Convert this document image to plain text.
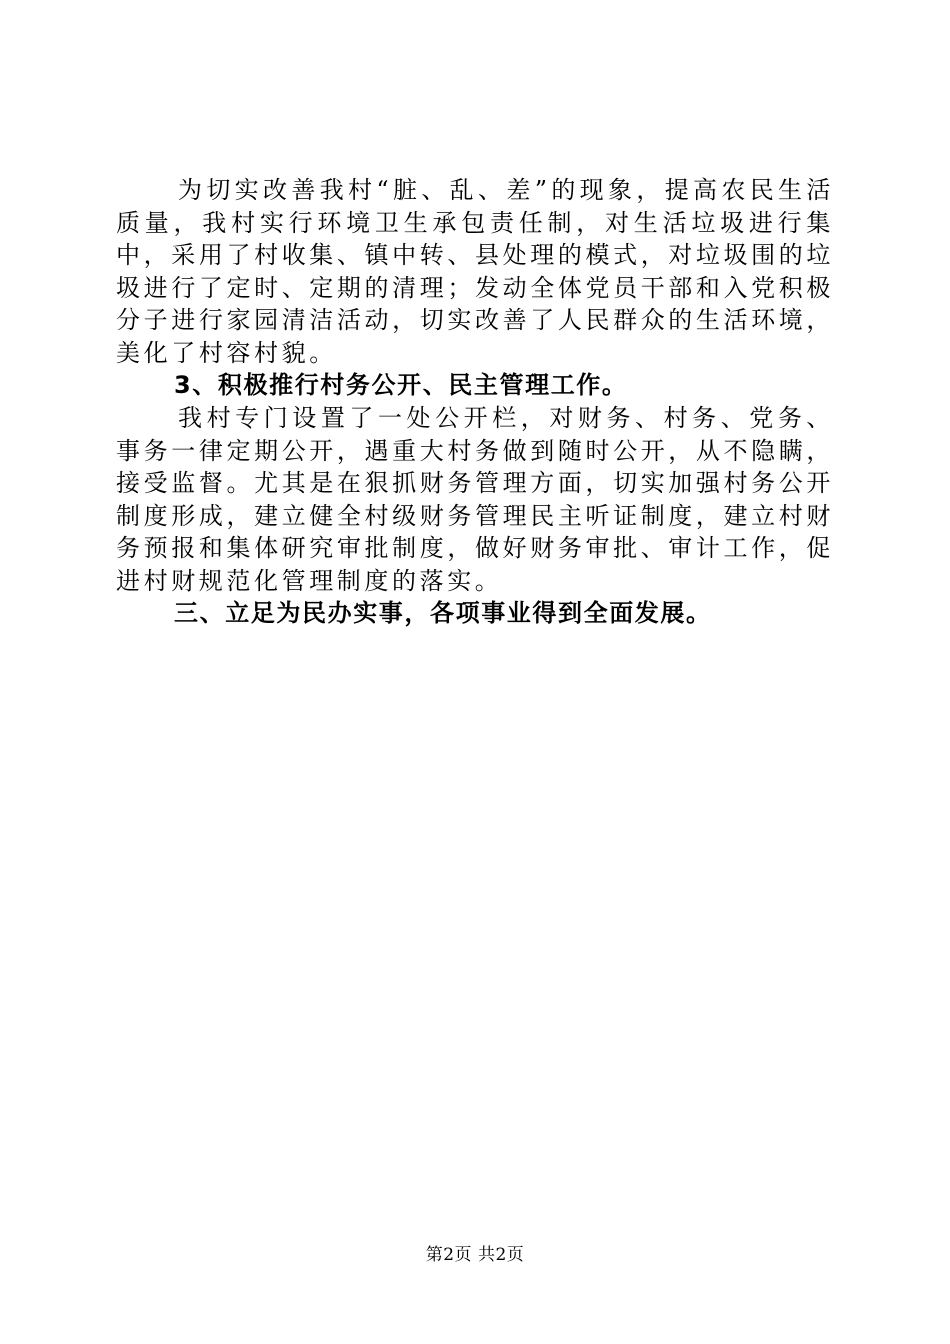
为切实改善我村“脏、乱、差”的现象，提高农民生活质量，我村实行环境卫生承包责任制，对生活垃圾进行集中，采用了村收集、镇中转、县处理的模式，对垃圾围的垃圾进行了定时、定期的清理；发动全体党员干部和入党积极分子进行家园清洁活动，切实改善了人民群众的生活环境，美化了村容村貌。

3、积极推行村务公开、民主管理工作。

我村专门设置了一处公开栏，对财务、村务、党务、事务一律定期公开，遇重大村务做到随时公开，从不隐瞒，接受监督。尤其是在狠抓财务管理方面，切实加强村务公开制度形成，建立健全村级财务管理民主听证制度，建立村财务预报和集体研究审批制度，做好财务审批、审计工作，促进村财规范化管理制度的落实。

三、立足为民办实事，各项事业得到全面发展。

第2页 共2页
